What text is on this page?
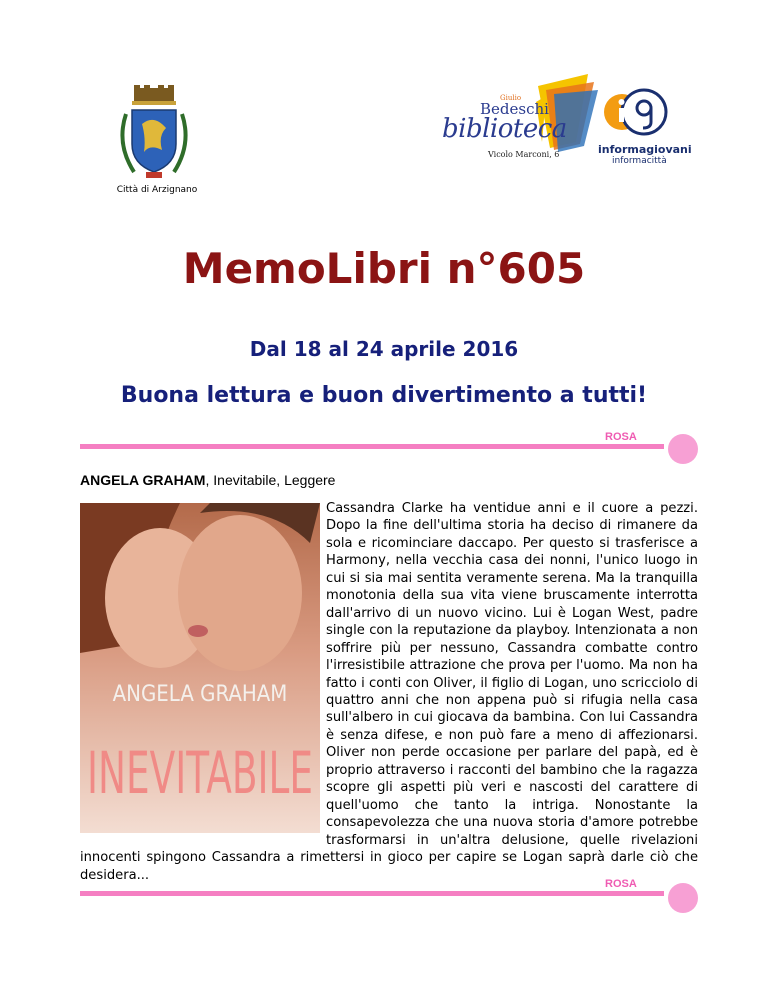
Città di Arzignano
Giulio
Bedeschi
biblioteca
Vicolo Marconi, 6	informagiovani
informacittà
MemoLibri n°605
Dal 18 al 24 aprile 2016
Buona lettura e buon divertimento a tutti!
ROSA
ANGELA GRAHAM, Inevitabile, Leggere
ANGELA GRAHAM
INEVITABILE
Cassandra Clarke ha ventidue anni e il cuore a pezzi. Dopo la fine dell'ultima storia ha deciso di rimanere da sola e ricominciare daccapo. Per questo si trasferisce a Harmony, nella vecchia casa dei nonni, l'unico luogo in cui si sia mai sentita veramente serena. Ma la tranquilla monotonia della sua vita viene bruscamente interrotta dall'arrivo di un nuovo vicino. Lui è Logan West, padre single con la reputazione da playboy. Intenzionata a non soffrire più per nessuno, Cassandra combatte contro l'irresistibile attrazione che prova per l'uomo. Ma non ha fatto i conti con Oliver, il figlio di Logan, uno scricciolo di quattro anni che non appena può si rifugia nella casa sull'albero in cui giocava da bambina. Con lui Cassandra è senza difese, e non può fare a meno di affezionarsi. Oliver non perde occasione per parlare del papà, ed è proprio attraverso i racconti del bambino che la ragazza scopre gli aspetti più veri e nascosti del carattere di quell'uomo che tanto la intriga. Nonostante la consapevolezza che una nuova storia d'amore potrebbe trasformarsi in un'altra delusione, quelle rivelazioni innocenti spingono Cassandra a rimettersi in gioco per capire se Logan saprà darle ciò che desidera...
ROSA
